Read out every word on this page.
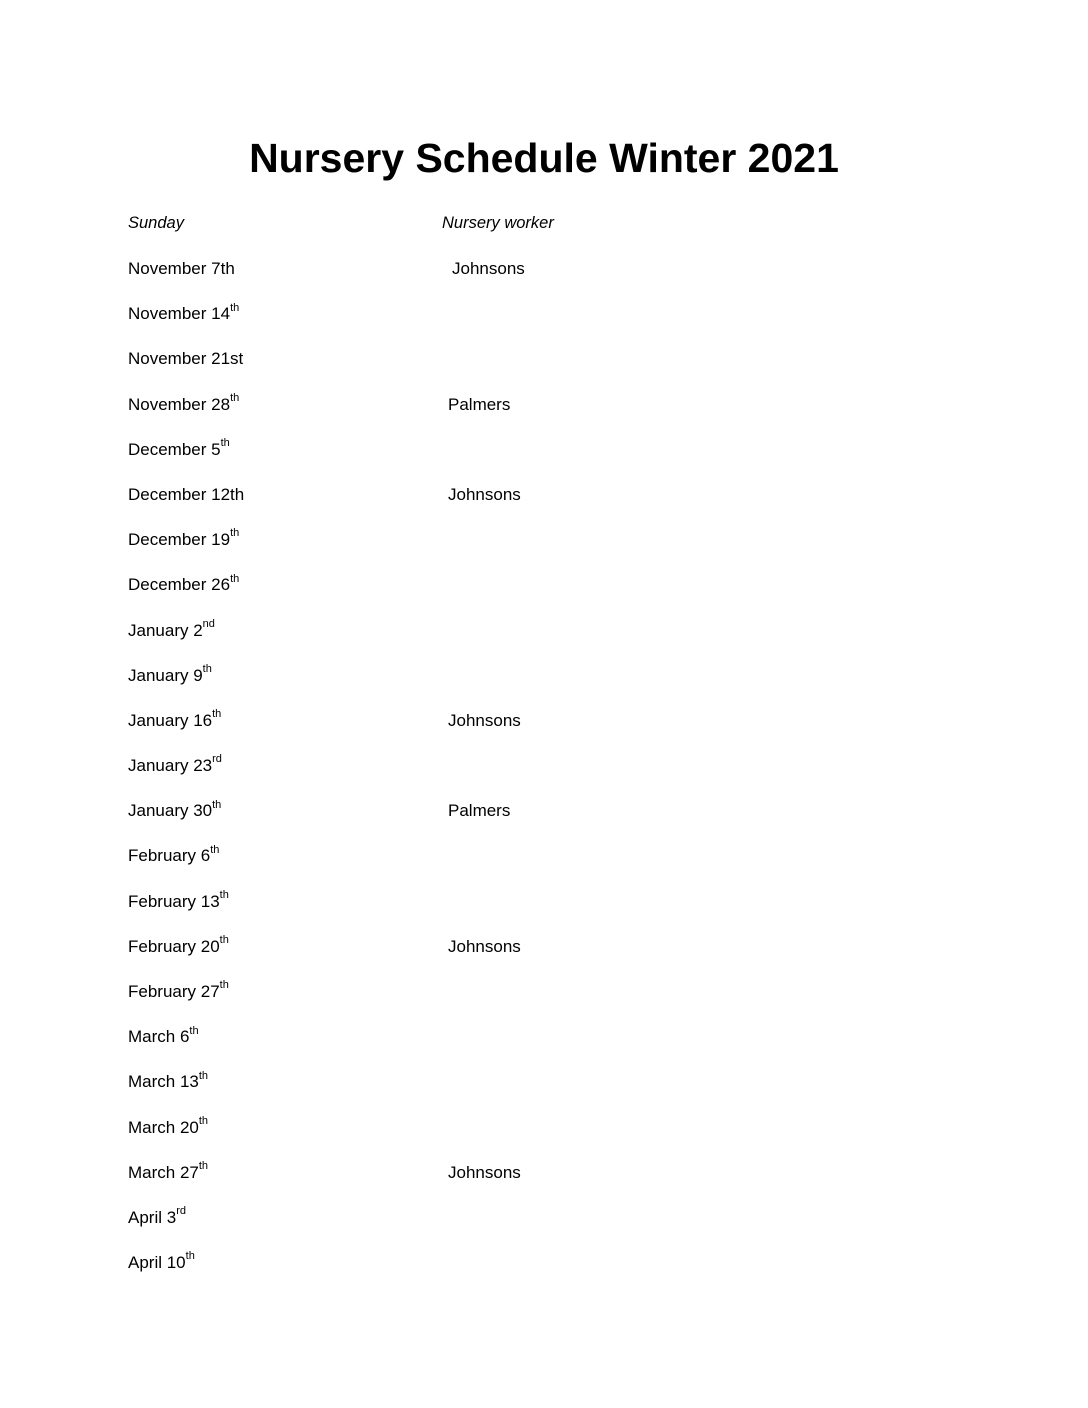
Nursery Schedule Winter 2021
Sunday	Nursery worker
November 7th	Johnsons
November 14th
November 21st
November 28th	Palmers
December 5th
December 12th	Johnsons
December 19th
December 26th
January 2nd
January 9th
January 16th	Johnsons
January 23rd
January 30th	Palmers
February 6th
February 13th
February 20th	Johnsons
February 27th
March 6th
March 13th
March 20th
March 27th	Johnsons
April 3rd
April 10th
